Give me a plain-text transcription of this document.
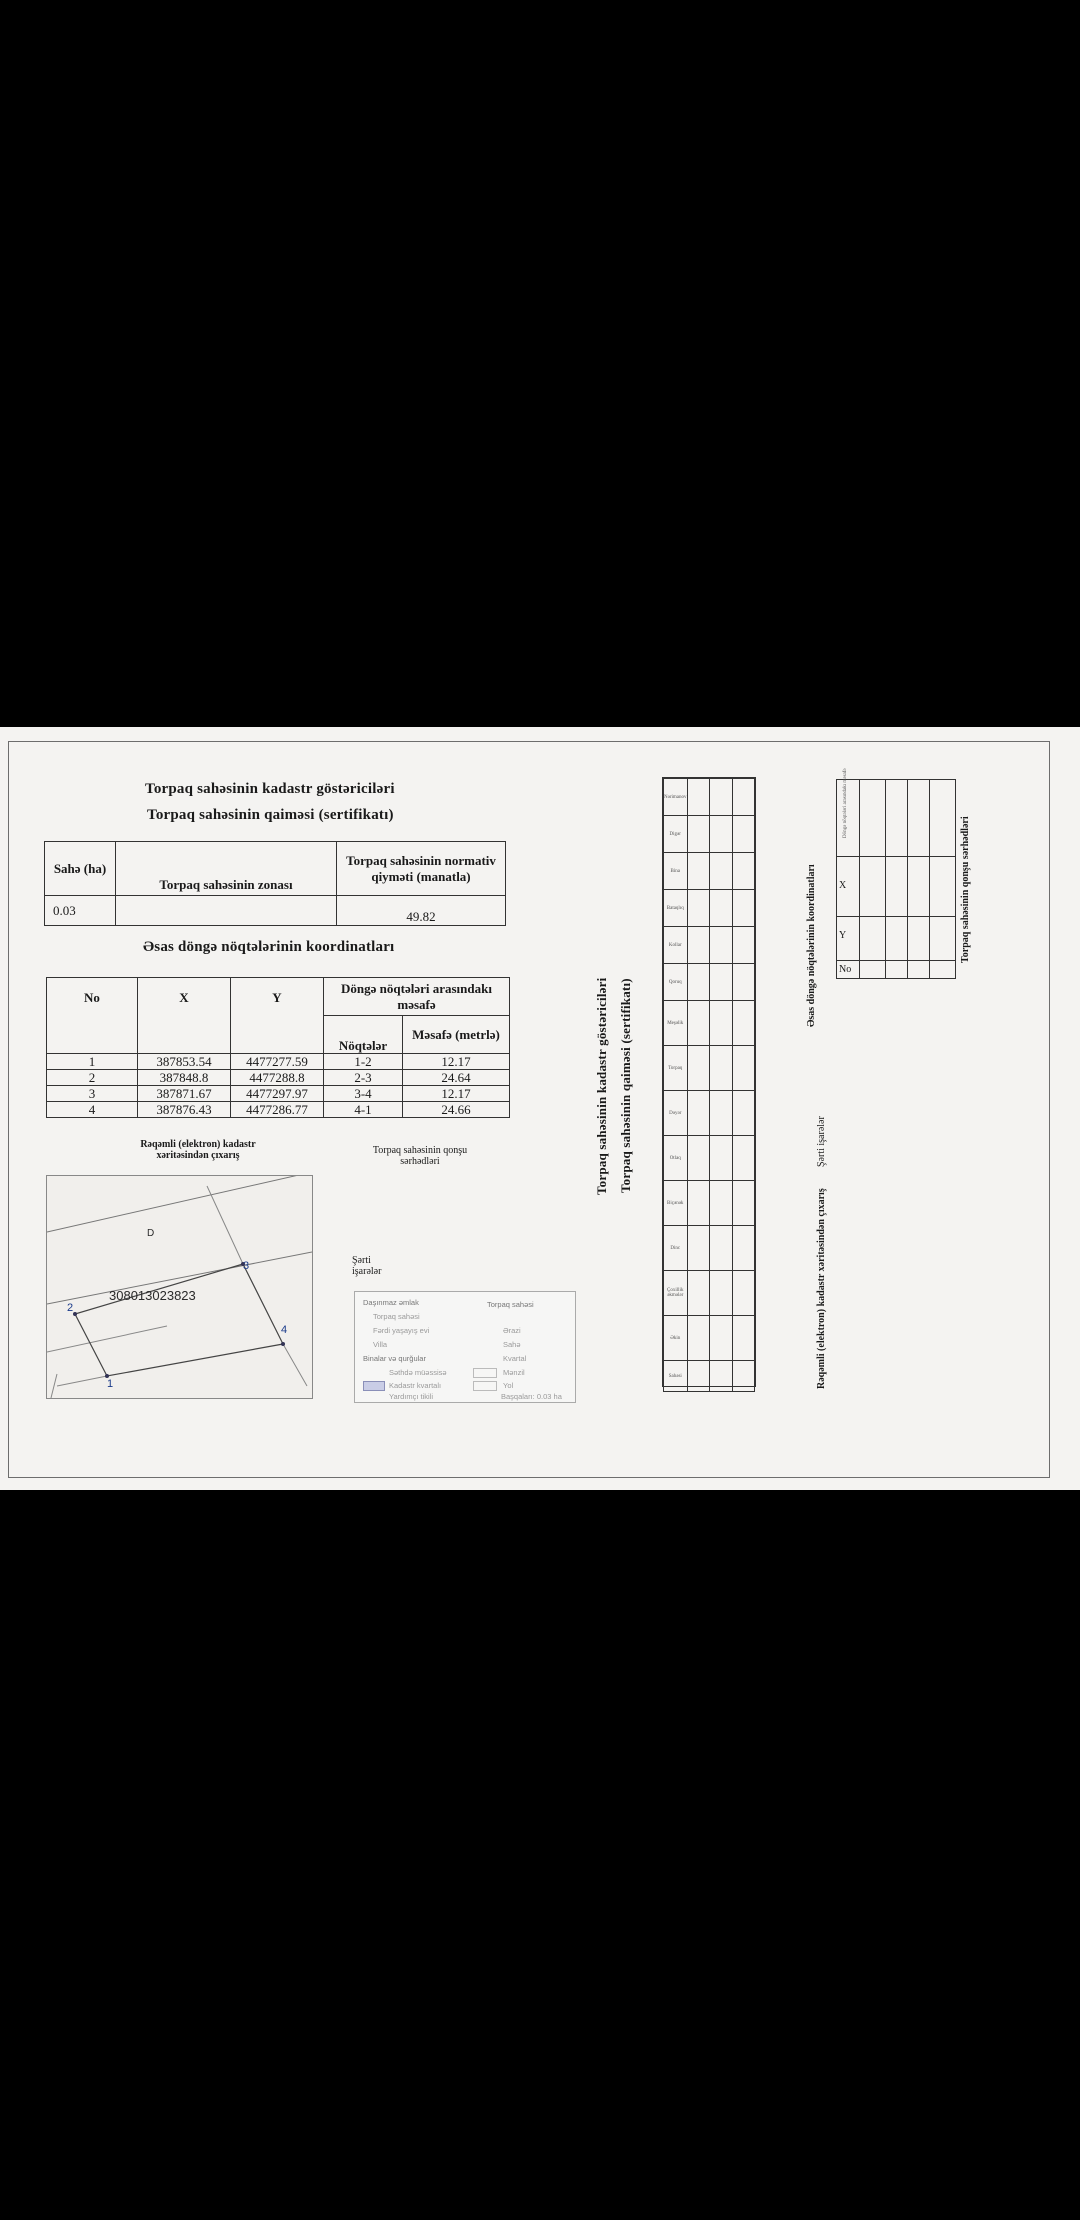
Torpaq sahəsinin kadastr göstəriciləri
Torpaq sahəsinin qaiməsi (sertifikatı)
Sahə (ha)	Torpaq sahəsinin zonası	Torpaq sahəsinin normativ qiyməti (manatla)
0.03		49.82
Əsas döngə nöqtələrinin koordinatları
No	X	Y	Döngə nöqtələri arasındakı məsafə	
			Nöqtələr	Məsafə (metrlə)
1	387853.54	4477277.59	1-2	12.17
2	387848.8	4477288.8	2-3	24.64
3	387871.67	4477297.97	3-4	12.17
4	387876.43	4477286.77	4-1	24.66
Rəqəmli (elektron) kadastr xəritəsindən çıxarış	Torpaq sahəsinin qonşu sərhədləri
308013023823
D
1
2
3
4
Şərti işarələr
Daşınmaz əmlak
Torpaq sahəsi
Fərdi yaşayış evi
Villa
Binalar və qurğular
Səthdə müəssisə
Kadastr kvartalı
Yardımçı tikili
Torpaq sahəsi
Ərazi
Sahə
Kvartal
Mənzil
Yol
Başqaları: 0.03 ha
Torpaq sahəsinin kadastr göstəriciləri Torpaq sahəsinin qaiməsi (sertifikatı)
Nərimanov			
Digər			
Bina			
Bataqlıq			
Kollar			
Qoruq			
Meşəlik			
Torpaq			
Dəyər			
Otlaq			
Biçənək			
Dinc			
Çoxillik əkmələr			
Əkin			
Sahəsi			
Əsas döngə nöqtələrinin koordinatları
Şərti işarələr
Rəqəmli (elektron) kadastr xəritəsindən çıxarış
X
Y
No
Döngə nöqtələri arasındakı məsafə
Torpaq sahəsinin qonşu sərhədləri
